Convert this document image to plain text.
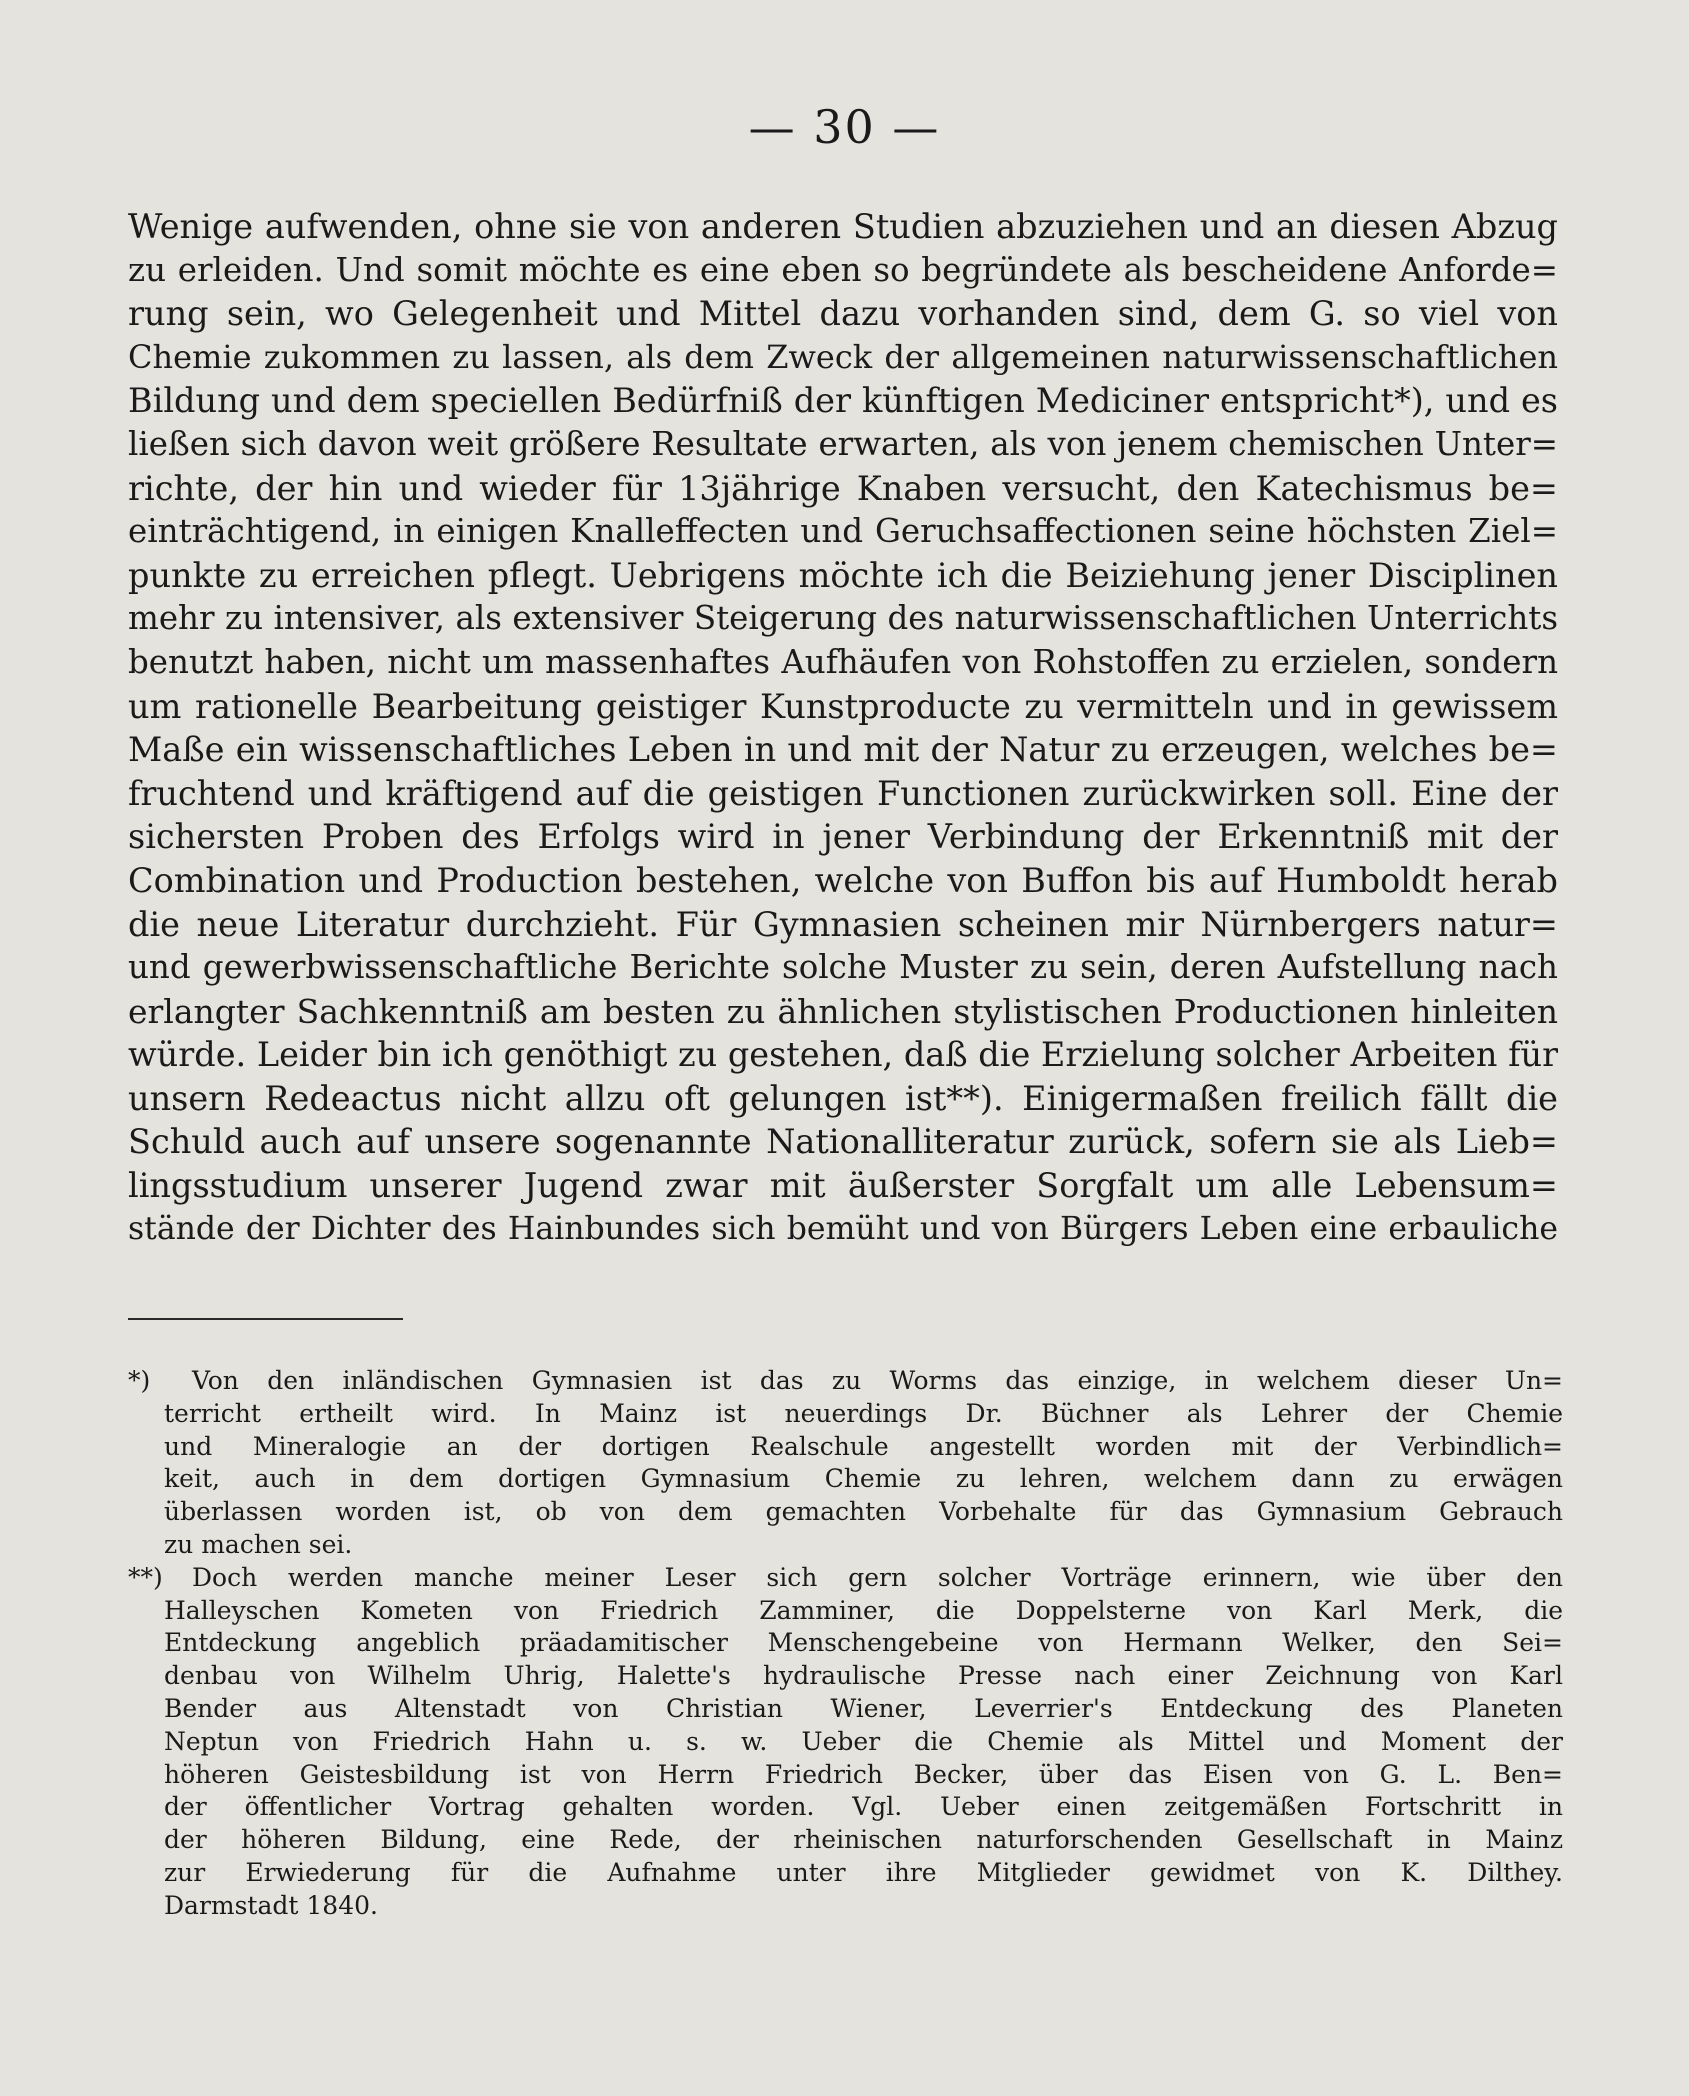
— 30 —
Wenige aufwenden, ohne sie von anderen Studien abzuziehen und an diesen Abzug
zu erleiden. Und somit möchte es eine eben so begründete als bescheidene Anforde=
rung sein, wo Gelegenheit und Mittel dazu vorhanden sind, dem G. so viel von
Chemie zukommen zu lassen, als dem Zweck der allgemeinen naturwissenschaftlichen
Bildung und dem speciellen Bedürfniß der künftigen Mediciner entspricht*), und es
ließen sich davon weit größere Resultate erwarten, als von jenem chemischen Unter=
richte, der hin und wieder für 13jährige Knaben versucht, den Katechismus be=
einträchtigend, in einigen Knalleffecten und Geruchsaffectionen seine höchsten Ziel=
punkte zu erreichen pflegt. Uebrigens möchte ich die Beiziehung jener Disciplinen
mehr zu intensiver, als extensiver Steigerung des naturwissenschaftlichen Unterrichts
benutzt haben, nicht um massenhaftes Aufhäufen von Rohstoffen zu erzielen, sondern
um rationelle Bearbeitung geistiger Kunstproducte zu vermitteln und in gewissem
Maße ein wissenschaftliches Leben in und mit der Natur zu erzeugen, welches be=
fruchtend und kräftigend auf die geistigen Functionen zurückwirken soll. Eine der
sichersten Proben des Erfolgs wird in jener Verbindung der Erkenntniß mit der
Combination und Production bestehen, welche von Buffon bis auf Humboldt herab
die neue Literatur durchzieht. Für Gymnasien scheinen mir Nürnbergers natur=
und gewerbwissenschaftliche Berichte solche Muster zu sein, deren Aufstellung nach
erlangter Sachkenntniß am besten zu ähnlichen stylistischen Productionen hinleiten
würde. Leider bin ich genöthigt zu gestehen, daß die Erzielung solcher Arbeiten für
unsern Redeactus nicht allzu oft gelungen ist**). Einigermaßen freilich fällt die
Schuld auch auf unsere sogenannte Nationalliteratur zurück, sofern sie als Lieb=
lingsstudium unserer Jugend zwar mit äußerster Sorgfalt um alle Lebensum=
stände der Dichter des Hainbundes sich bemüht und von Bürgers Leben eine erbauliche
*) Von den inländischen Gymnasien ist das zu Worms das einzige, in welchem dieser Un=
terricht ertheilt wird. In Mainz ist neuerdings Dr. Büchner als Lehrer der Chemie
und Mineralogie an der dortigen Realschule angestellt worden mit der Verbindlich=
keit, auch in dem dortigen Gymnasium Chemie zu lehren, welchem dann zu erwägen
überlassen worden ist, ob von dem gemachten Vorbehalte für das Gymnasium Gebrauch
zu machen sei.
**) Doch werden manche meiner Leser sich gern solcher Vorträge erinnern, wie über den
Halleyschen Kometen von Friedrich Zamminer, die Doppelsterne von Karl Merk, die
Entdeckung angeblich präadamitischer Menschengebeine von Hermann Welker, den Sei=
denbau von Wilhelm Uhrig, Halette's hydraulische Presse nach einer Zeichnung von Karl
Bender aus Altenstadt von Christian Wiener, Leverrier's Entdeckung des Planeten
Neptun von Friedrich Hahn u. s. w. Ueber die Chemie als Mittel und Moment der
höheren Geistesbildung ist von Herrn Friedrich Becker, über das Eisen von G. L. Ben=
der öffentlicher Vortrag gehalten worden. Vgl. Ueber einen zeitgemäßen Fortschritt in
der höheren Bildung, eine Rede, der rheinischen naturforschenden Gesellschaft in Mainz
zur Erwiederung für die Aufnahme unter ihre Mitglieder gewidmet von K. Dilthey.
Darmstadt 1840.
